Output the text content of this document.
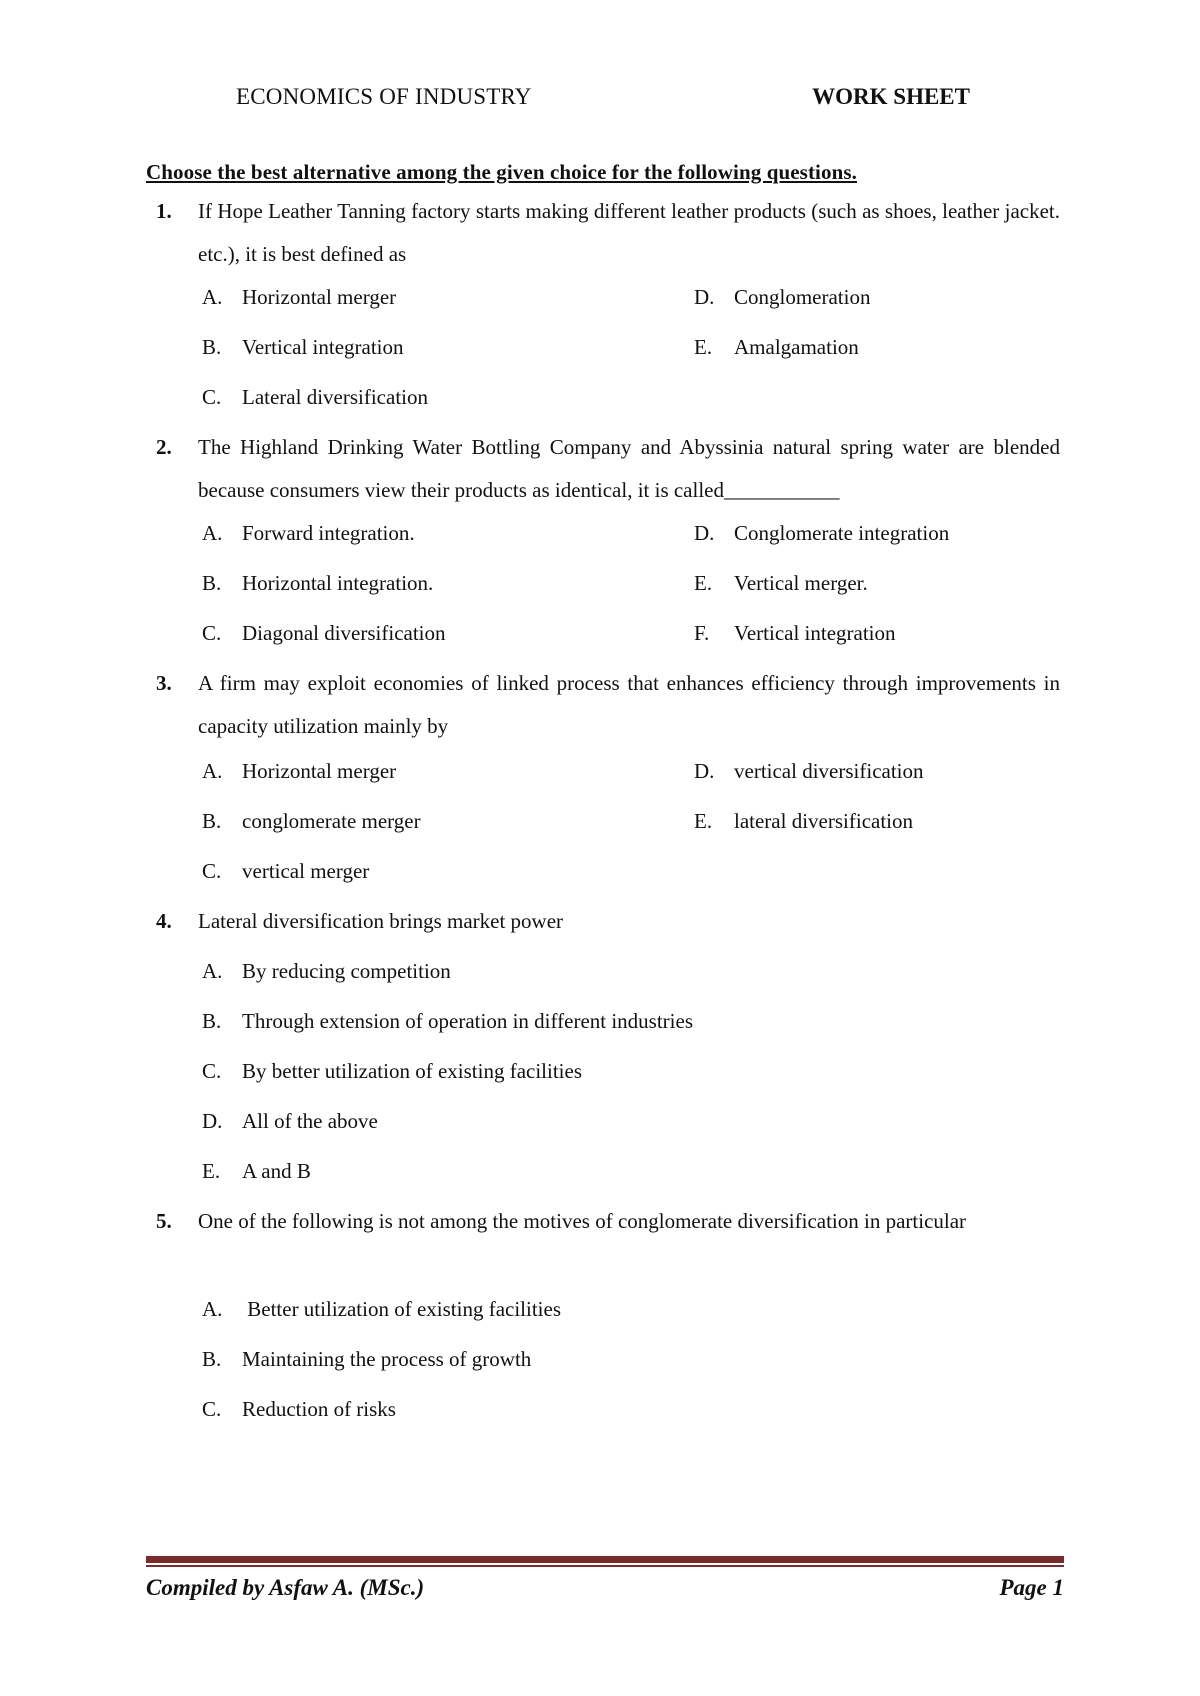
ECONOMICS OF INDUSTRY	WORK SHEET
Choose the best alternative among the given choice for the following questions.
1.	If Hope Leather Tanning factory starts making different leather products (such as shoes, leather jacket. etc.), it is best defined as
A. Horizontal merger
B. Vertical integration
C. Lateral diversification
D. Conglomeration
E. Amalgamation
2.	The Highland Drinking Water Bottling Company and Abyssinia natural spring water are blended because consumers view their products as identical, it is called___________
A. Forward integration.
B. Horizontal integration.
C. Diagonal diversification
D. Conglomerate integration
E. Vertical merger.
F. Vertical integration
3.	A firm may exploit economies of linked process that enhances efficiency through improvements in capacity utilization mainly by
A. Horizontal merger
B. conglomerate merger
C. vertical merger
D. vertical diversification
E. lateral diversification
4.	Lateral diversification brings market power
A. By reducing competition
B. Through extension of operation in different industries
C. By better utilization of existing facilities
D. All of the above
E. A and B
5.	One of the following is not among the motives of conglomerate diversification in particular
A. Better utilization of existing facilities
B. Maintaining the process of growth
C. Reduction of risks
Compiled by Asfaw A. (MSc.)	Page 1
